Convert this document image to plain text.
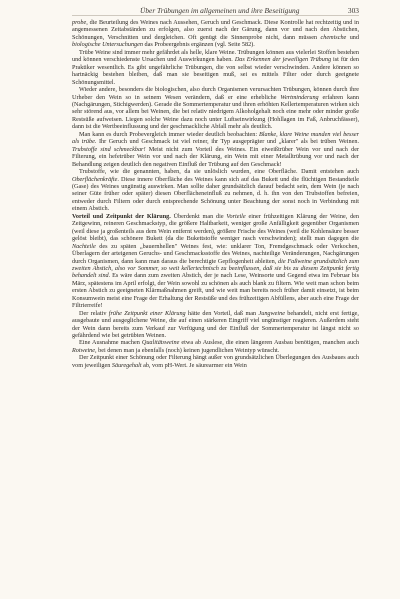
Über Trübungen im allgemeinen und ihre Beseitigung	303

probe, die Beurteilung des Weines nach Aussehen, Geruch und Geschmack. Diese Kontrolle hat rechtzeitig und in angemessenen Zeitabständen zu erfolgen, also zuerst nach der Gärung, dann vor und nach den Abstichen, Schönungen, Verschnitten und dergleichen. Oft genügt die Sinnenprobe nicht, dann müssen chemische und biologische Untersuchungen das Probeergebnis ergänzen (vgl. Seite 582).

Trübe Weine sind immer mehr gefährdet als helle, klare Weine. Trübungen können aus vielerlei Stoffen bestehen und können verschiedenste Ursachen und Auswirkungen haben. Das Erkennen der jeweiligen Trübung ist für den Praktiker wesentlich. Es gibt ungefährliche Trübungen, die von selbst wieder verschwinden. Andere können so hartnäckig bestehen bleiben, daß man sie beseitigen muß, sei es mittels Filter oder durch geeignete Schönungsmittel.

Wieder andere, besonders die biologischen, also durch Organismen verursachten Trübungen, können durch ihre Urheber den Wein so in seinem Wesen verändern, daß er eine erhebliche Wertminderung erfahren kann (Nachgärungen, Stichigwerden). Gerade die Sommertemperatur und ihren erhöhten Kellertemperaturen wirken sich sehr störend aus, vor allem bei Weinen, die bei relativ niedrigem Alkoholgehalt noch eine mehr oder minder große Restsüße aufweisen. Liegen solche Weine dazu noch unter Luftseinwirkung (Hohllagen im Faß, Anbruchfässer), dann ist die Wertbeeinflussung und der geschmackliche Abfall mehr als deutlich.

Man kann es durch Probevergleich immer wieder deutlich beobachten: Blanke, klare Weine munden viel besser als trübe. Ihr Geruch und Geschmack ist viel reiner, ihr Typ ausgeprägter und „klarer" als bei trüben Weinen. Trubstoffe sind schmeckbar! Meist nicht zum Vorteil des Weines. Ein eiweißtrüber Wein vor und nach der Filterung, ein hefetrüber Wein vor und nach der Klärung, ein Wein mit einer Metalltrübung vor und nach der Behandlung zeigen deutlich den negativen Einfluß der Trübung auf den Geschmack!

Trubstoffe, wie die genannten, haben, da sie unlöslich wurden, eine Oberfläche. Damit entstehen auch Oberflächenkräfte. Diese innere Oberfläche des Weines kann sich auf das Bukett und die flüchtigen Bestandteile (Gase) des Weines ungünstig auswirken. Man sollte daher grundsätzlich darauf bedacht sein, dem Wein (je nach seiner Güte früher oder später) diesen Oberflächeneinfluß zu nehmen, d. h. ihn von den Trubstoffen befreien, entweder durch Filtern oder durch entsprechende Schönung unter Beachtung der sonst noch in Verbindung mit einem Abstich.

Vorteil und Zeitpunkt der Klärung. Überdenkt man die Vorteile einer frühzeitigen Klärung der Weine, den Zeitgewinn, reineren Geschmackstyp, die größere Haltbarkeit, weniger große Anfälligkeit gegenüber Organismen (weil diese ja großenteils aus dem Wein entfernt werden), größere Frische des Weines (weil die Kohlensäure besser gelöst bleibt), das schönere Bukett (da die Bukettstoffe weniger rasch verschwinden); stellt man dagegen die Nachteile des zu späten „bauernhellen" Weines fest, wie: unklarer Ton, Fremdgeschmack oder Verkochen, Überlagern der arteigenen Geruchs- und Geschmacksstoffe des Weines, nachteilige Veränderungen, Nachgärungen durch Organismen, dann kann man daraus die berechtigte Gepflogenheit ableiten, die Faßweine grundsätzlich zum zweiten Abstich, also vor Sommer, so weit kellertechnisch zu beeinflussen, daß sie bis zu diesem Zeitpunkt fertig behandelt sind. Es wäre dann zum zweiten Abstich, der je nach Lese, Weinsorte und Gegend etwa im Februar bis März, spätestens im April erfolgt, der Wein sowohl zu schönen als auch blank zu filtern. Wie weit man schon beim ersten Abstich zu geeigneten Klärmaßnahmen greift, und wie weit man bereits noch früher damit einsetzt, ist beim Konsumwein meist eine Frage der Erhaltung der Restsüße und des frühzeitigen Abfüllens, aber auch eine Frage der Filtrierreife!

Der relativ frühe Zeitpunkt einer Klärung hätte den Vorteil, daß man Jungweine behandelt, nicht erst fertige, ausgebaute und ausgeglichene Weine, die auf einen stärkeren Eingriff viel ungünstiger reagieren. Außerdem steht der Wein dann bereits zum Verkauf zur Verfügung und der Einfluß der Sommertemperatur ist längst nicht so gefährdend wie bei getrübten Weinen.

Eine Ausnahme machen Qualitätsweine etwa ab Auslese, die einen längeren Ausbau benötigen, manchen auch Rotweine, bei denen man ja ebenfalls (noch) keinen jugendlichen Weintyp wünscht.

Der Zeitpunkt einer Schönung oder Filterung hängt außer von grundsätzlichen Überlegungen des Ausbaues auch vom jeweiligen Säuregehalt ab, vom pH-Wert. Je säurearmer ein Wein
